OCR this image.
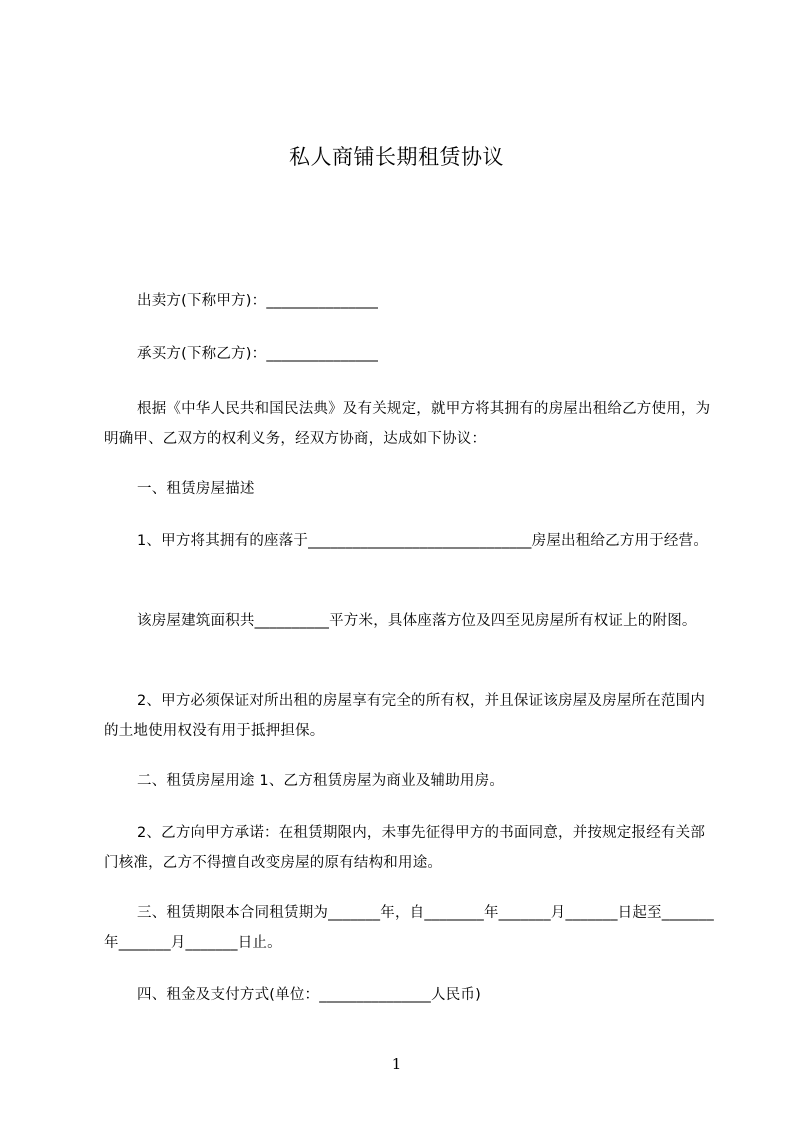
私人商铺长期租赁协议
出卖方(下称甲方)：_______________
承买方(下称乙方)：_______________
根据《中华人民共和国民法典》及有关规定，就甲方将其拥有的房屋出租给乙方使用，为明确甲、乙双方的权利义务，经双方协商，达成如下协议：
一、租赁房屋描述
1、甲方将其拥有的座落于______________________________房屋出租给乙方用于经营。
该房屋建筑面积共__________平方米，具体座落方位及四至见房屋所有权证上的附图。
2、甲方必须保证对所出租的房屋享有完全的所有权，并且保证该房屋及房屋所在范围内的土地使用权没有用于抵押担保。
二、租赁房屋用途 1、乙方租赁房屋为商业及辅助用房。
2、乙方向甲方承诺：在租赁期限内，未事先征得甲方的书面同意，并按规定报经有关部门核准，乙方不得擅自改变房屋的原有结构和用途。
三、租赁期限本合同租赁期为_______年，自________年_______月_______日起至_______年_______月_______日止。
四、租金及支付方式(单位：_______________人民币)
1
